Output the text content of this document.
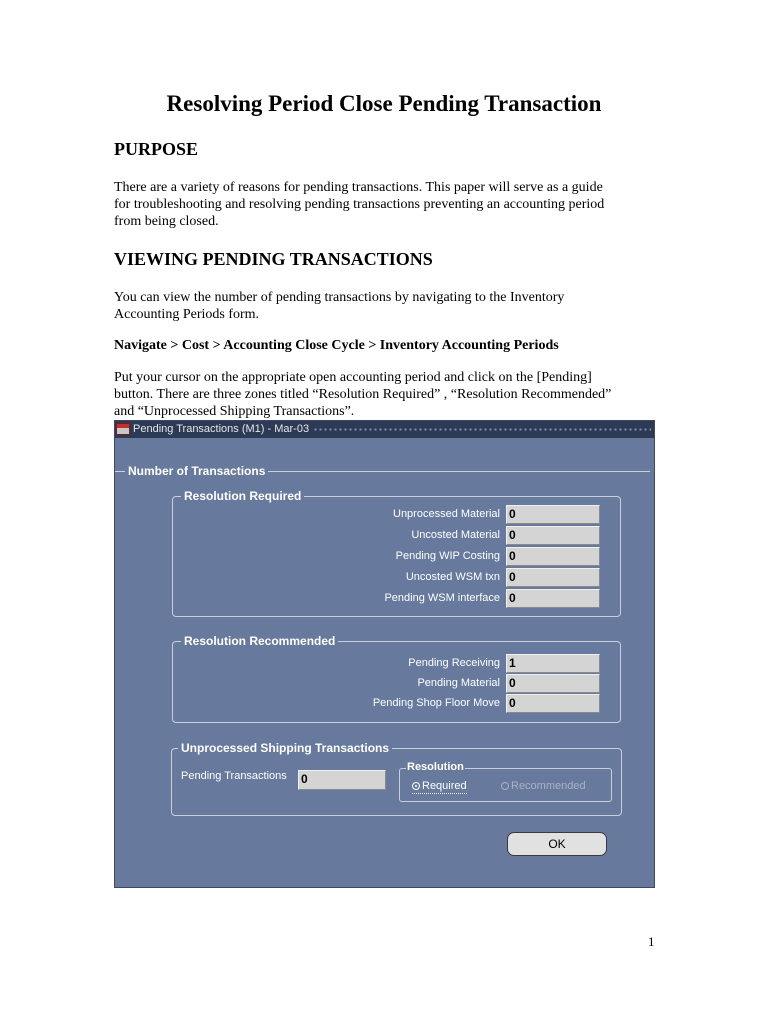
Resolving Period Close Pending Transaction
PURPOSE
There are a variety of reasons for pending transactions. This paper will serve as a guide
for troubleshooting and resolving pending transactions preventing an accounting period
from being closed.
VIEWING PENDING TRANSACTIONS
You can view the number of pending transactions by navigating to the Inventory
Accounting Periods form.
Navigate > Cost > Accounting Close Cycle > Inventory Accounting Periods
Put your cursor on the appropriate open accounting period and click on the [Pending]
button. There are three zones titled “Resolution Required” , “Resolution Recommended”
and “Unprocessed Shipping Transactions”.
Pending Transactions (M1) - Mar-03
Number of Transactions
Resolution Required
Unprocessed Material 0
Uncosted Material 0
Pending WIP Costing 0
Uncosted WSM txn 0
Pending WSM interface 0
Resolution Recommended
Pending Receiving 1
Pending Material 0
Pending Shop Floor Move 0
Unprocessed Shipping Transactions
Pending Transactions 0
Resolution
Required	Recommended
OK
1
